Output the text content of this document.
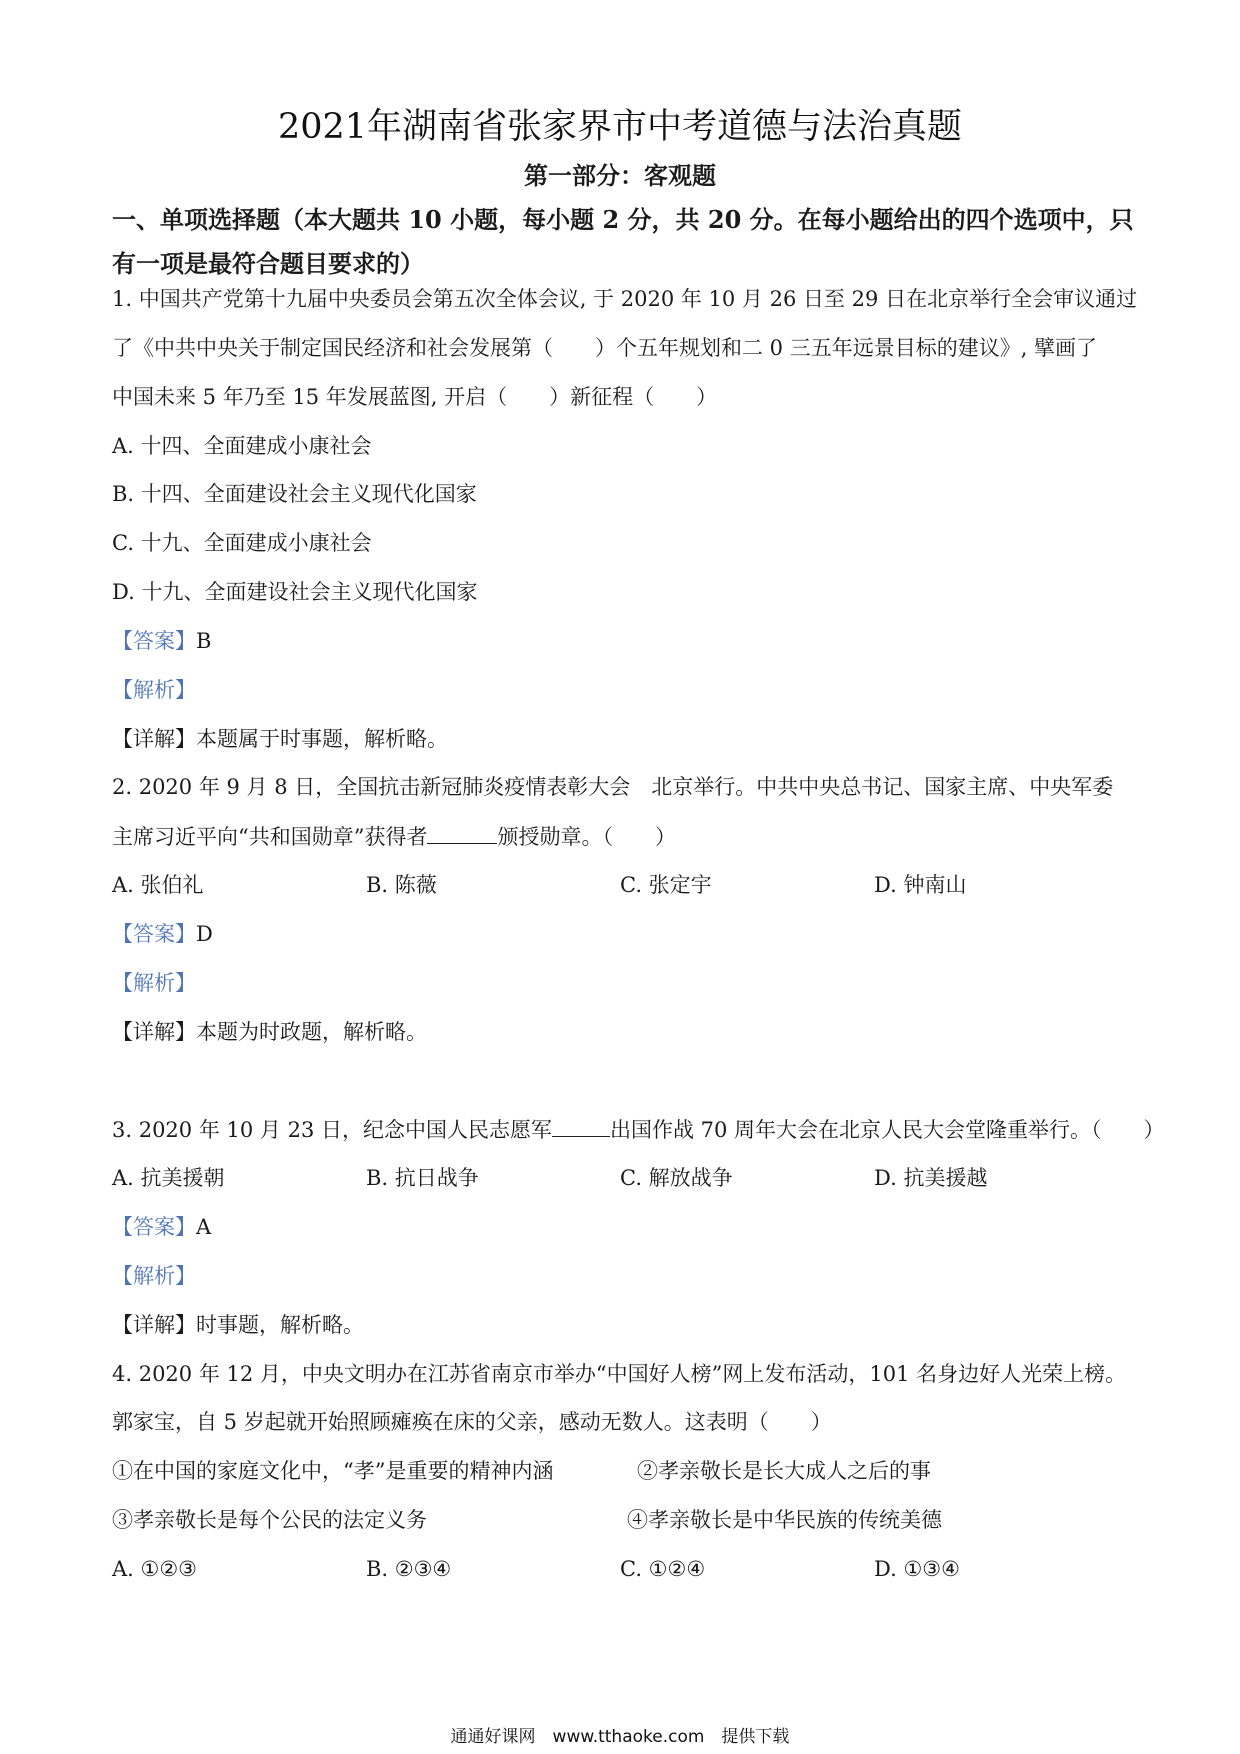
2021年湖南省张家界市中考道德与法治真题
第一部分：客观题
一、单项选择题（本大题共 10 小题，每小题 2 分，共 20 分。在每小题给出的四个选项中，只
有一项是最符合题目要求的）
1. 中国共产党第十九届中央委员会第五次全体会议, 于 2020 年 10 月 26 日至 29 日在北京举行全会审议通过
了《中共中央关于制定国民经济和社会发展第（　　）个五年规划和二 0 三五年远景目标的建议》, 擘画了
中国未来 5 年乃至 15 年发展蓝图, 开启（　　）新征程（　　）
A. 十四、全面建成小康社会
B. 十四、全面建设社会主义现代化国家
C. 十九、全面建成小康社会
D. 十九、全面建设社会主义现代化国家
【答案】B
【解析】
【详解】本题属于时事题，解析略。
2. 2020 年 9 月 8 日，全国抗击新冠肺炎疫情表彰大会　北京举行。中共中央总书记、国家主席、中央军委
主席习近平向“共和国勋章”获得者	颁授勋章。（　　）
A. 张伯礼	B. 陈薇	C. 张定宇	D. 钟南山
【答案】D
【解析】
【详解】本题为时政题，解析略。
3. 2020 年 10 月 23 日，纪念中国人民志愿军	出国作战 70 周年大会在北京人民大会堂隆重举行。（　　）
A. 抗美援朝	B. 抗日战争	C. 解放战争	D. 抗美援越
【答案】A
【解析】
【详解】时事题，解析略。
4. 2020 年 12 月，中央文明办在江苏省南京市举办“中国好人榜”网上发布活动，101 名身边好人光荣上榜。
郭家宝，自 5 岁起就开始照顾瘫痪在床的父亲，感动无数人。这表明（　　）
①在中国的家庭文化中，“孝”是重要的精神内涵	②孝亲敬长是长大成人之后的事
③孝亲敬长是每个公民的法定义务	④孝亲敬长是中华民族的传统美德
A. ①②③	B. ②③④	C. ①②④	D. ①③④
通通好课网　www.tthaoke.com　提供下载
